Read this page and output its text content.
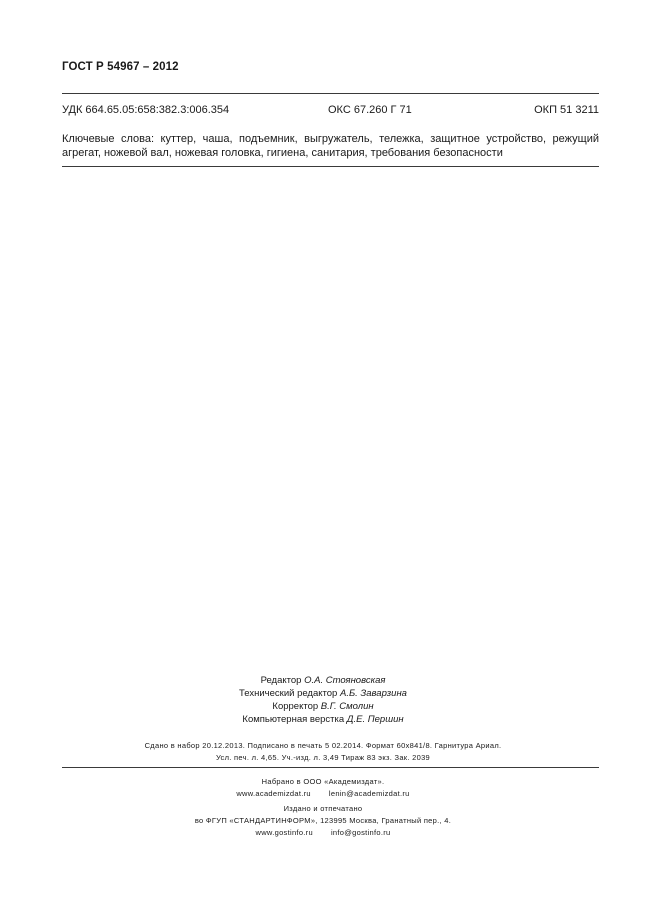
ГОСТ Р 54967 – 2012
УДК 664.65.05:658:382.3:006.354	ОКС 67.260 Г 71	ОКП 51 3211
Ключевые слова: куттер, чаша, подъемник, выгружатель, тележка, защитное устройство, режущий агрегат, ножевой вал, ножевая головка, гигиена, санитария, требования безопасности
Редактор О.А. Стояновская
Технический редактор А.Б. Заварзина
Корректор В.Г. Смолин
Компьютерная верстка Д.Е. Першин
Сдано в набор 20.12.2013. Подписано в печать 5 02.2014. Формат 60х841/8. Гарнитура Ариал.
Усл. печ. л. 4,65. Уч.-изд. л. 3,49 Тираж 83 экз. Зак. 2039
Набрано в ООО «Академиздат».
www.academizdat.ru lenin@academizdat.ru
Издано и отпечатано
во ФГУП «СТАНДАРТИНФОРМ», 123995 Москва, Гранатный пер., 4.
www.gostinfo.ru info@gostinfo.ru
